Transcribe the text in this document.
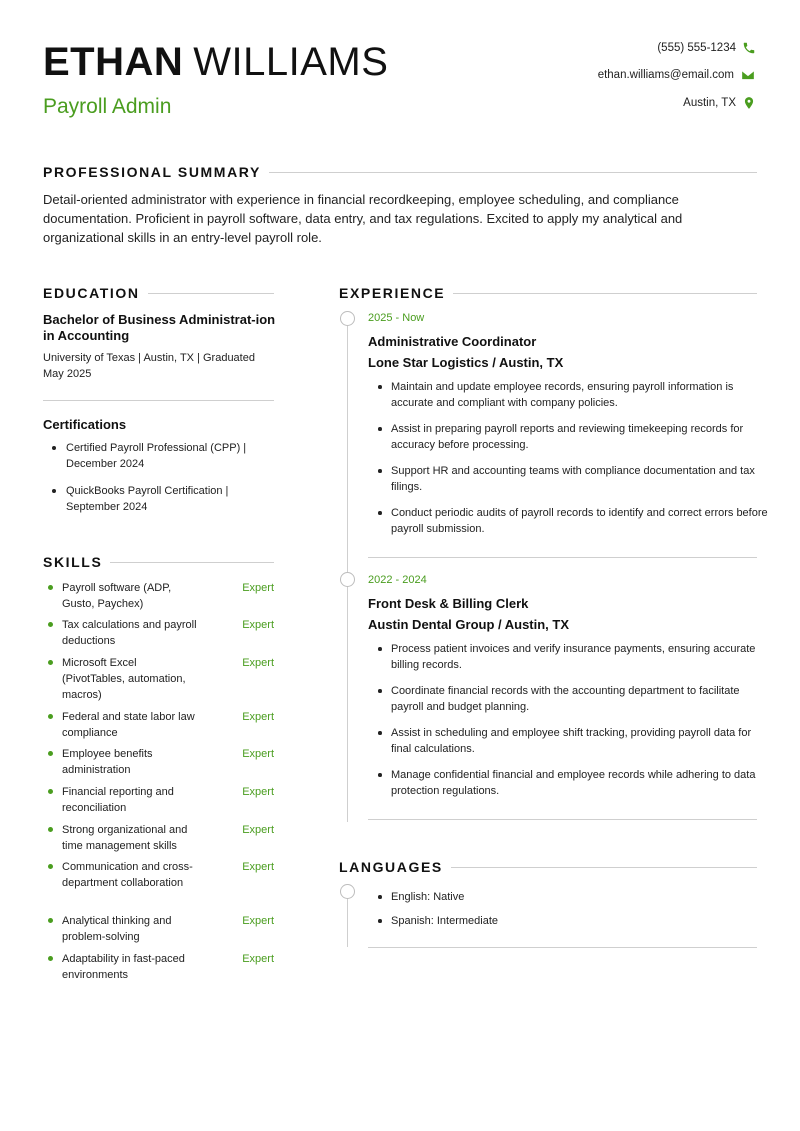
ETHAN WILLIAMS
Payroll Admin
(555) 555-1234
ethan.williams@email.com
Austin, TX
PROFESSIONAL SUMMARY
Detail-oriented administrator with experience in financial recordkeeping, employee scheduling, and compliance documentation. Proficient in payroll software, data entry, and tax regulations. Excited to apply my analytical and organizational skills in an entry-level payroll role.
EDUCATION
Bachelor of Business Administrat-ion in Accounting
University of Texas | Austin, TX | Graduated May 2025
Certifications
Certified Payroll Professional (CPP) | December 2024
QuickBooks Payroll Certification | September 2024
SKILLS
Payroll software (ADP, Gusto, Paychex)
Expert
Tax calculations and payroll deductions
Expert
Microsoft Excel (PivotTables, automation, macros)
Expert
Federal and state labor law compliance
Expert
Employee benefits administration
Expert
Financial reporting and reconciliation
Expert
Strong organizational and time management skills
Expert
Communication and cross-department collaboration
Expert
Analytical thinking and problem-solving
Expert
Adaptability in fast-paced environments
Expert
EXPERIENCE
2025 - Now
Administrative Coordinator
Lone Star Logistics / Austin, TX
Maintain and update employee records, ensuring payroll information is accurate and compliant with company policies.
Assist in preparing payroll reports and reviewing timekeeping records for accuracy before processing.
Support HR and accounting teams with compliance documentation and tax filings.
Conduct periodic audits of payroll records to identify and correct errors before payroll submission.
2022 - 2024
Front Desk & Billing Clerk
Austin Dental Group / Austin, TX
Process patient invoices and verify insurance payments, ensuring accurate billing records.
Coordinate financial records with the accounting department to facilitate payroll and budget planning.
Assist in scheduling and employee shift tracking, providing payroll data for final calculations.
Manage confidential financial and employee records while adhering to data protection regulations.
LANGUAGES
English: Native
Spanish: Intermediate
